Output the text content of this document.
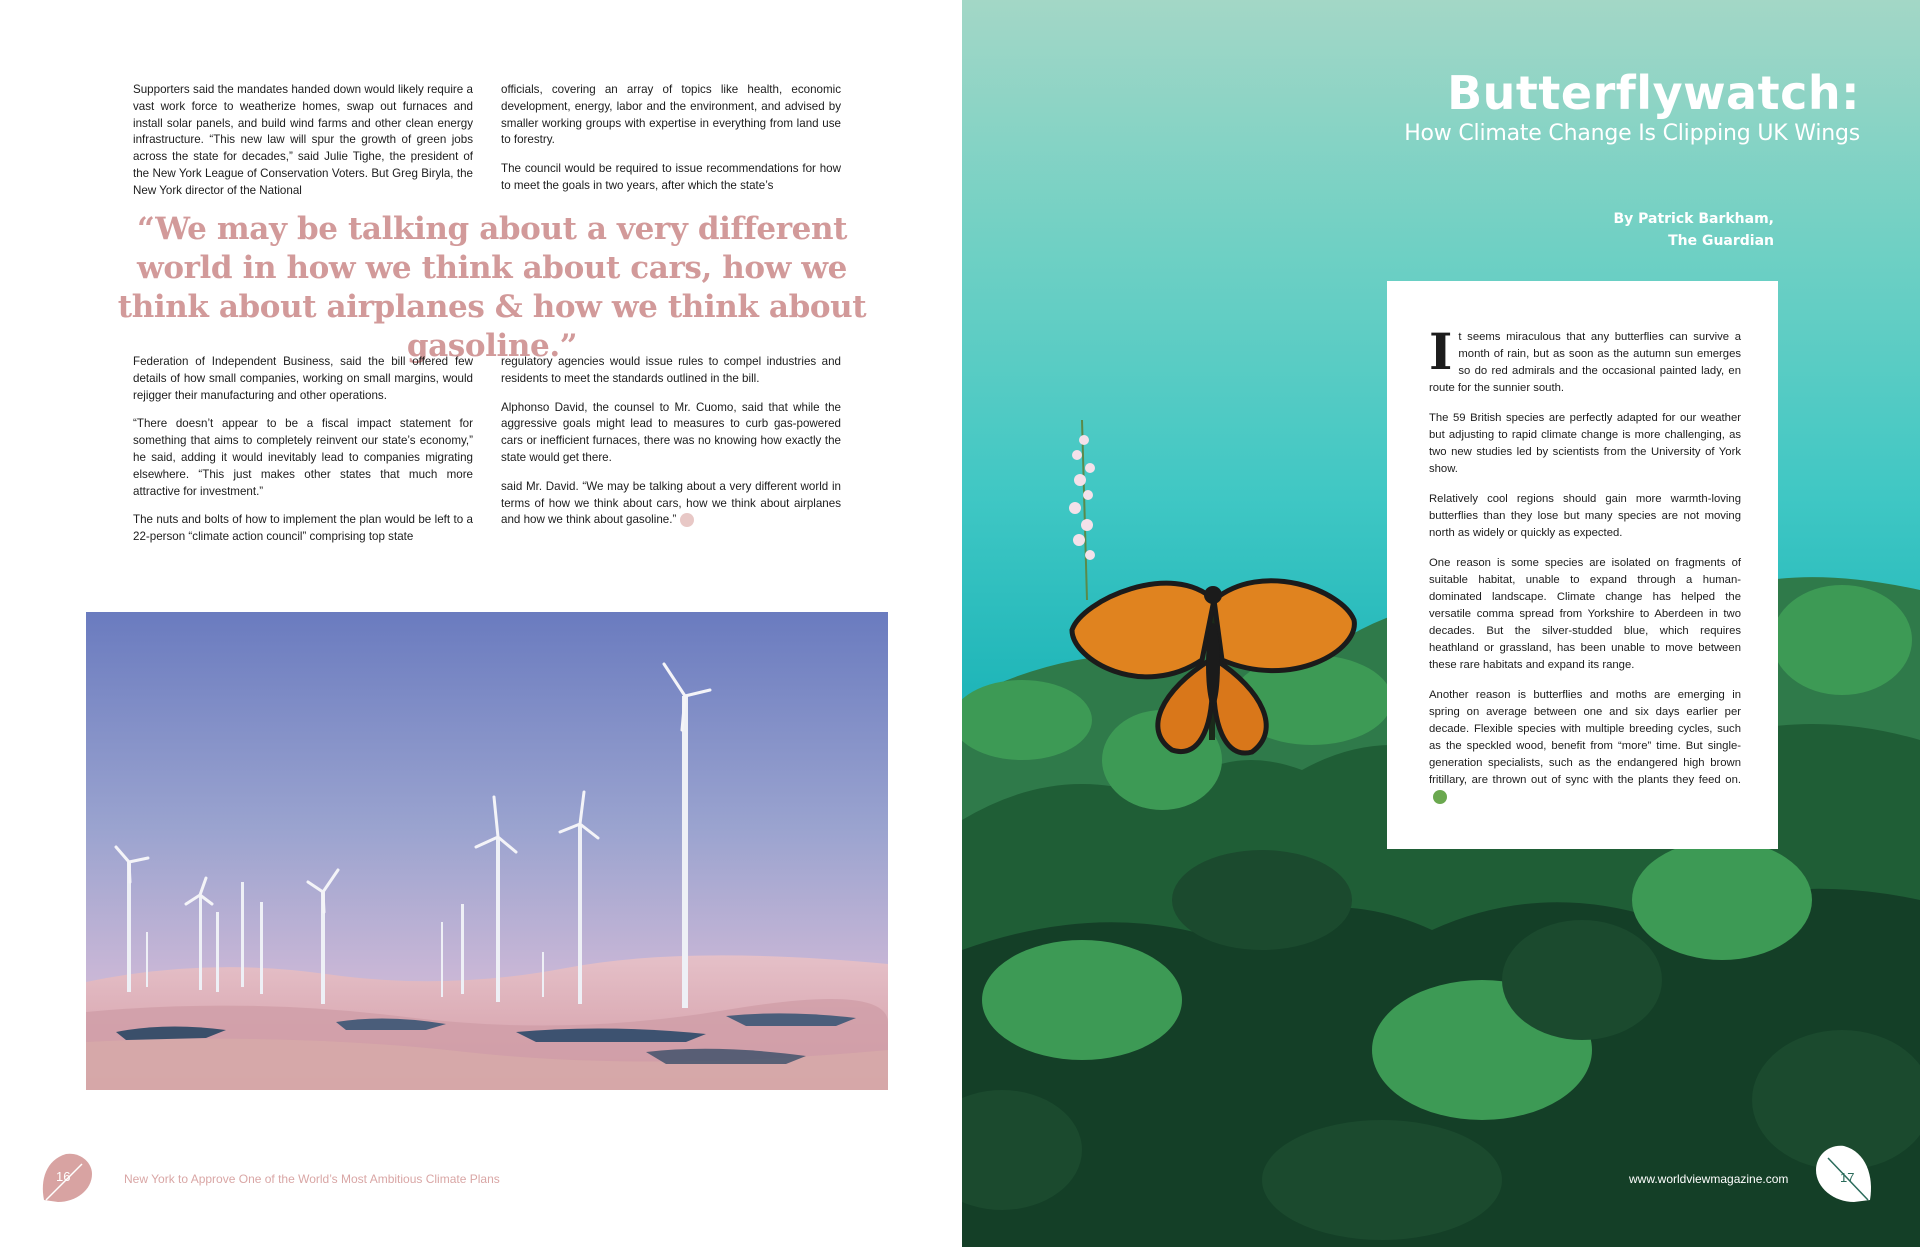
Supporters said the mandates handed down would likely require a vast work force to weatherize homes, swap out furnaces and install solar panels, and build wind farms and other clean energy infrastructure. “This new law will spur the growth of green jobs across the state for decades,” said Julie Tighe, the president of the New York League of Conservation Voters. But Greg Biryla, the New York director of the National

officials, covering an array of topics like health, economic development, energy, labor and the environment, and advised by smaller working groups with expertise in everything from land use to forestry.

The council would be required to issue recommendations for how to meet the goals in two years, after which the state’s

“We may be talking about a very different world in how we think about cars, how we think about airplanes & how we think about gasoline.”

Federation of Independent Business, said the bill offered few details of how small companies, working on small margins, would rejigger their manufacturing and other operations.

“There doesn’t appear to be a fiscal impact statement for something that aims to completely reinvent our state’s economy,” he said, adding it would inevitably lead to companies migrating elsewhere. “This just makes other states that much more attractive for investment.”

The nuts and bolts of how to implement the plan would be left to a 22-person “climate action council” comprising top state

regulatory agencies would issue rules to compel industries and residents to meet the standards outlined in the bill.

Alphonso David, the counsel to Mr. Cuomo, said that while the aggressive goals might lead to measures to curb gas-powered cars or inefficient furnaces, there was no knowing how exactly the state would get there.

said Mr. David. “We may be talking about a very different world in terms of how we think about cars, how we think about airplanes and how we think about gasoline.”

16	New York to Approve One of the World’s Most Ambitious Climate Plans
Butterflywatch:
How Climate Change Is Clipping UK Wings
By Patrick Barkham,
The Guardian

It seems miraculous that any butterflies can survive a month of rain, but as soon as the autumn sun emerges so do red admirals and the occasional painted lady, en route for the sunnier south.

The 59 British species are perfectly adapted for our weather but adjusting to rapid climate change is more challenging, as two new studies led by scientists from the University of York show.

Relatively cool regions should gain more warmth-loving butterflies than they lose but many species are not moving north as widely or quickly as expected.

One reason is some species are isolated on fragments of suitable habitat, unable to expand through a human-dominated landscape. Climate change has helped the versatile comma spread from Yorkshire to Aberdeen in two decades. But the silver-studded blue, which requires heathland or grassland, has been unable to move between these rare habitats and expand its range.

Another reason is butterflies and moths are emerging in spring on average between one and six days earlier per decade. Flexible species with multiple breeding cycles, such as the speckled wood, benefit from “more” time. But single-generation specialists, such as the endangered high brown fritillary, are thrown out of sync with the plants they feed on.

www.worldviewmagazine.com	17
